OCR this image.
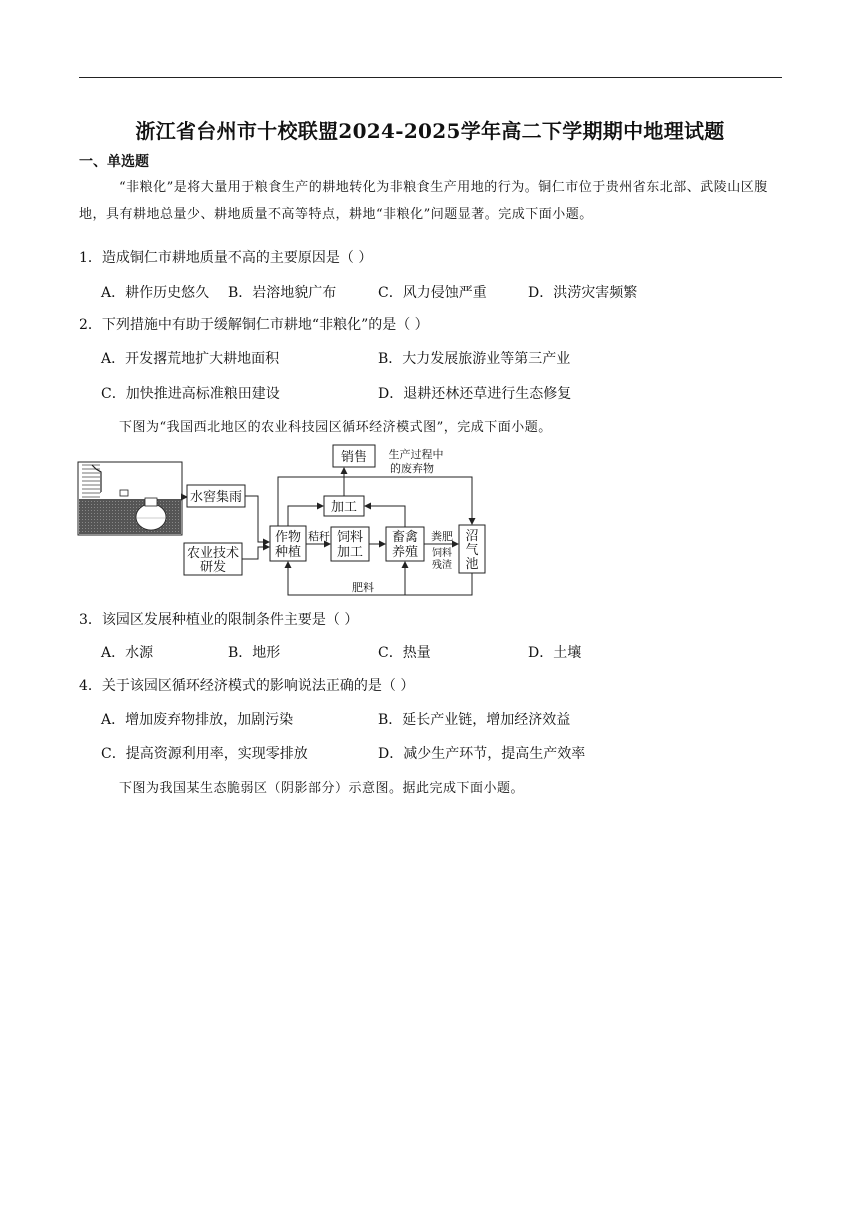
浙江省台州市十校联盟2024-2025学年高二下学期期中地理试题
一、单选题
“非粮化”是将大量用于粮食生产的耕地转化为非粮食生产用地的行为。铜仁市位于贵州省东北部、武陵山区腹地，具有耕地总量少、耕地质量不高等特点，耕地“非粮化”问题显著。完成下面小题。
1．造成铜仁市耕地质量不高的主要原因是（ ）
A．耕作历史悠久 B．岩溶地貌广布	C．风力侵蚀严重	D．洪涝灾害频繁
2．下列措施中有助于缓解铜仁市耕地“非粮化”的是（ ）
A．开发撂荒地扩大耕地面积	B．大力发展旅游业等第三产业
C．加快推进高标准粮田建设	D．退耕还林还草进行生态修复
下图为“我国西北地区的农业科技园区循环经济模式图”，完成下面小题。
水窖集雨
农业技术
研发
作物
种植
销售
加工
饲料
加工
畜禽
养殖
沼
气
池
生产过程中
的废弃物
秸秆	粪肥
饲料
残渣
肥料
3．该园区发展种植业的限制条件主要是（ ）
A．水源	B．地形	C．热量	D．土壤
4．关于该园区循环经济模式的影响说法正确的是（ ）
A．增加废弃物排放，加剧污染	B．延长产业链，增加经济效益
C．提高资源利用率，实现零排放	D．减少生产环节，提高生产效率
下图为我国某生态脆弱区（阴影部分）示意图。据此完成下面小题。
